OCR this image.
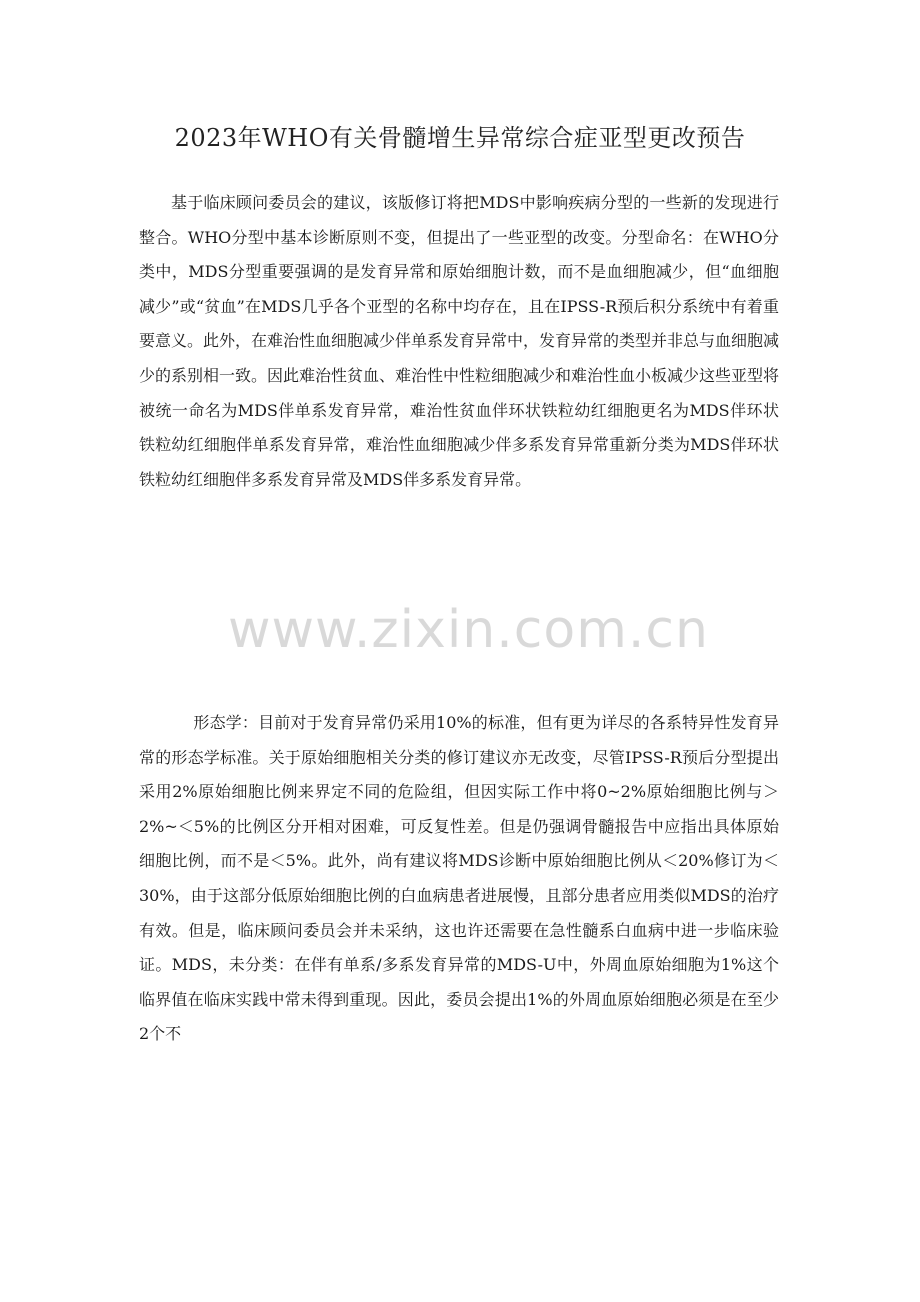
2023年WHO有关骨髓增生异常综合症亚型更改预告

基于临床顾问委员会的建议，该版修订将把MDS中影响疾病分型的一些新的发现进行整合。WHO分型中基本诊断原则不变，但提出了一些亚型的改变。分型命名：在WHO分类中，MDS分型重要强调的是发育异常和原始细胞计数，而不是血细胞减少，但“血细胞减少”或“贫血”在MDS几乎各个亚型的名称中均存在，且在IPSS-R预后积分系统中有着重要意义。此外，在难治性血细胞减少伴单系发育异常中，发育异常的类型并非总与血细胞减少的系别相一致。因此难治性贫血、难治性中性粒细胞减少和难治性血小板减少这些亚型将被统一命名为MDS伴单系发育异常，难治性贫血伴环状铁粒幼红细胞更名为MDS伴环状铁粒幼红细胞伴单系发育异常，难治性血细胞减少伴多系发育异常重新分类为MDS伴环状铁粒幼红细胞伴多系发育异常及MDS伴多系发育异常。

形态学：目前对于发育异常仍采用10%的标准，但有更为详尽的各系特异性发育异常的形态学标准。关于原始细胞相关分类的修订建议亦无改变，尽管IPSS-R预后分型提出采用2%原始细胞比例来界定不同的危险组，但因实际工作中将0~2%原始细胞比例与＞2%~＜5%的比例区分开相对困难，可反复性差。但是仍强调骨髓报告中应指出具体原始细胞比例，而不是＜5%。此外，尚有建议将MDS诊断中原始细胞比例从＜20%修订为＜30%，由于这部分低原始细胞比例的白血病患者进展慢，且部分患者应用类似MDS的治疗有效。但是，临床顾问委员会并未采纳，这也许还需要在急性髓系白血病中进一步临床验证。MDS，未分类：在伴有单系/多系发育异常的MDS-U中，外周血原始细胞为1%这个临界值在临床实践中常未得到重现。因此，委员会提出1%的外周血原始细胞必须是在至少2个不

www.zixin.com.cn
